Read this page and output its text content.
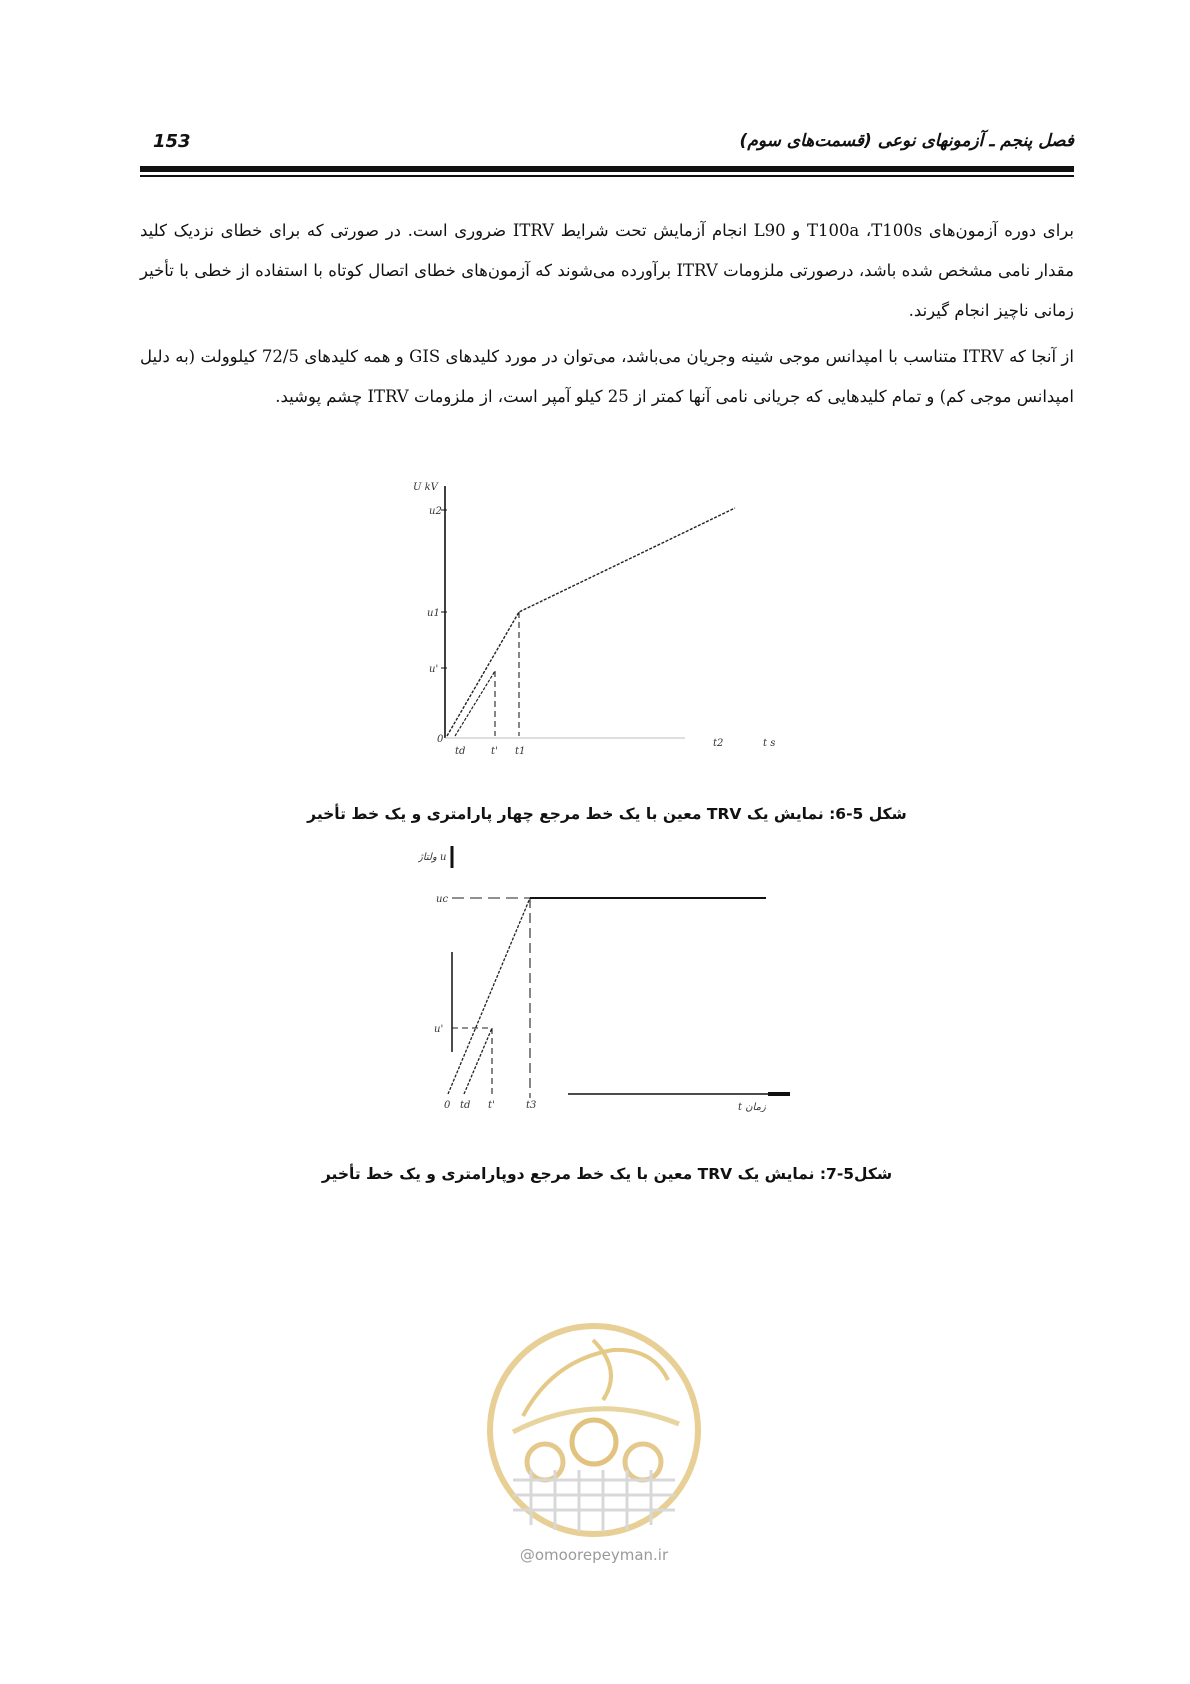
153	فصل پنجم ـ آزمونهای نوعی (قسمت‌های سوم)

برای دوره آزمون‌های T100a ،T100s و L90 انجام آزمایش تحت شرایط ITRV ضروری است. در صورتی که برای خطای نزدیک کلید مقدار نامی مشخص شده باشد، درصورتی ملزومات ITRV برآورده می‌شوند که آزمون‌های خطای اتصال کوتاه با استفاده از خطی با تأخیر زمانی ناچیز انجام گیرند.

از آنجا که ITRV متناسب با امپدانس موجی شینه وجریان می‌باشد، می‌توان در مورد کلیدهای GIS و همه کلیدهای 72/5 کیلوولت (به دلیل امپدانس موجی کم) و تمام کلیدهایی که جریانی نامی آنها کمتر از 25 کیلو آمپر است، از ملزومات ITRV چشم پوشید.

U kV
u2
u1
u'
0
td	t' t1
t2	t s
شکل 5-6: نمایش یک TRV معین با یک خط مرجع چهار پارامتری و یک خط تأخیر
ولتاژ u
uc
u'
0 td t'	t3	t زمان
شکل5-7: نمایش یک TRV معین با یک خط مرجع دوپارامتری و یک خط تأخیر
@omoorepeyman.ir
